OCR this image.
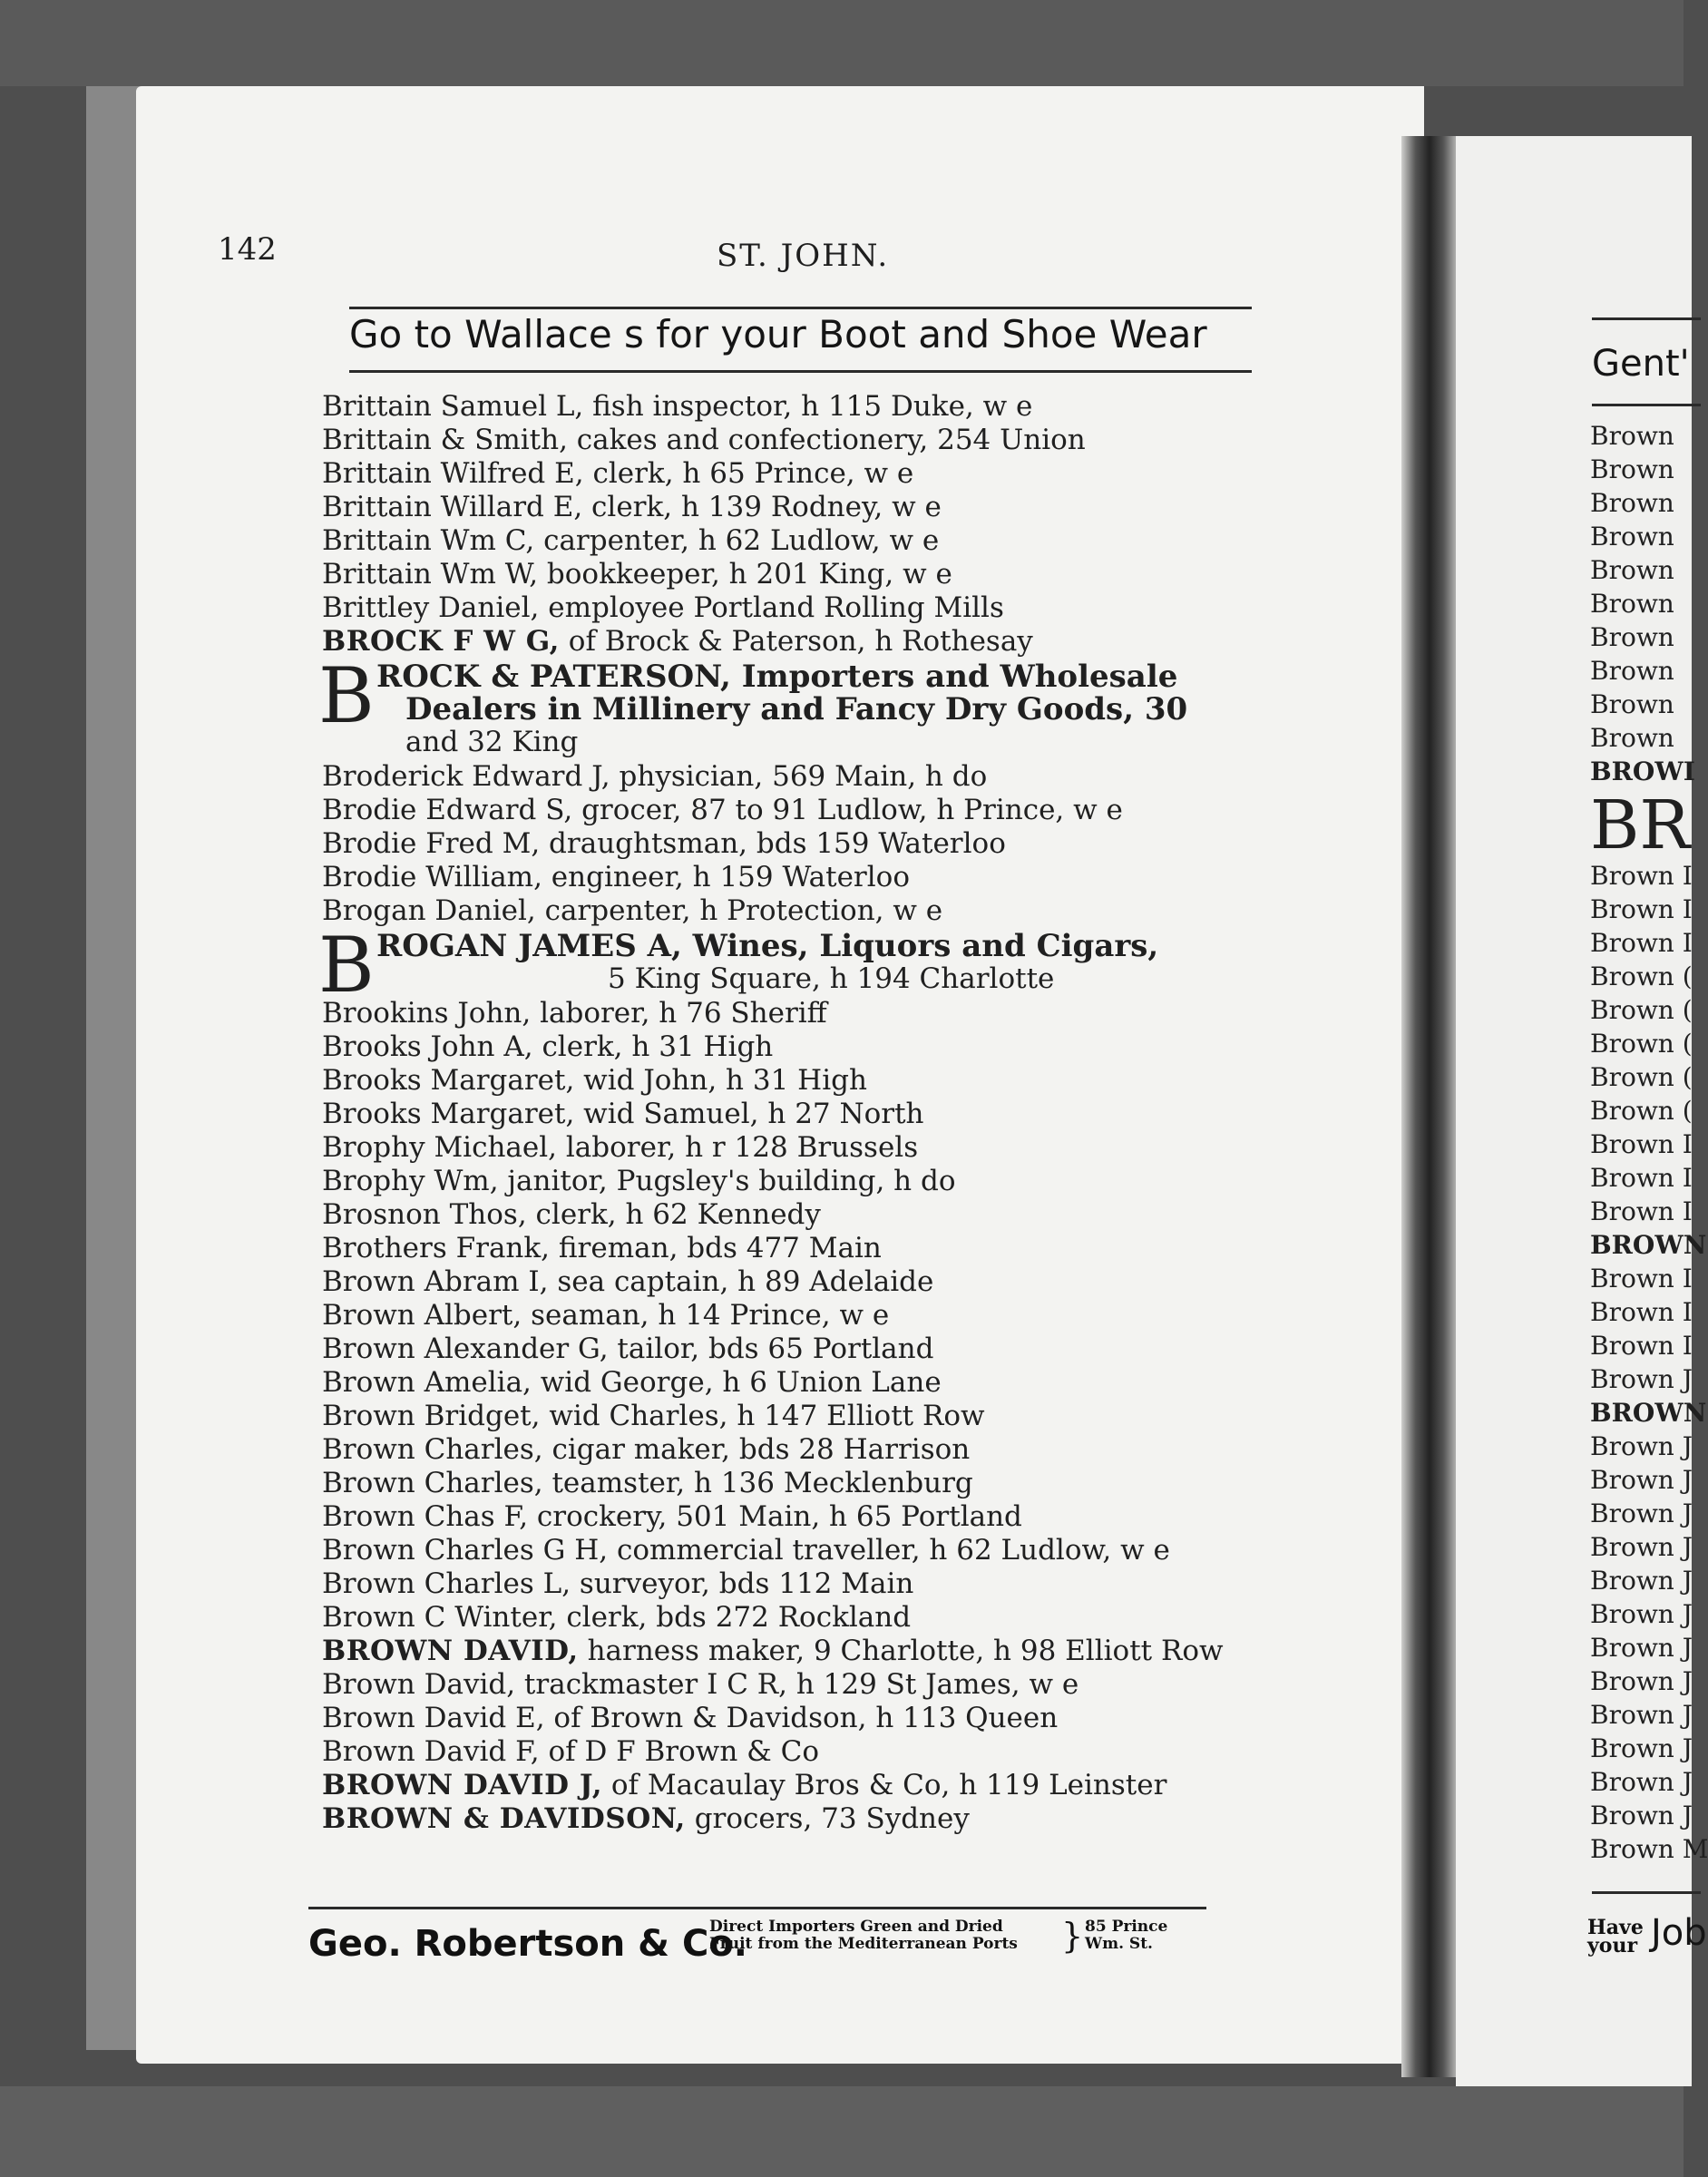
142	ST. JOHN.
Go to Wallace s for your Boot and Shoe Wear
Brittain Samuel L, fish inspector, h 115 Duke, w e
Brittain & Smith, cakes and confectionery, 254 Union
Brittain Wilfred E, clerk, h 65 Prince, w e
Brittain Willard E, clerk, h 139 Rodney, w e
Brittain Wm C, carpenter, h 62 Ludlow, w e
Brittain Wm W, bookkeeper, h 201 King, w e
Brittley Daniel, employee Portland Rolling Mills
BROCK F W G, of Brock & Paterson, h Rothesay
B ROCK & PATERSON, Importers and Wholesale
Dealers in Millinery and Fancy Dry Goods, 30
and 32 King
Broderick Edward J, physician, 569 Main, h do
Brodie Edward S, grocer, 87 to 91 Ludlow, h Prince, w e
Brodie Fred M, draughtsman, bds 159 Waterloo
Brodie William, engineer, h 159 Waterloo
Brogan Daniel, carpenter, h Protection, w e
B ROGAN JAMES A, Wines, Liquors and Cigars,
5 King Square, h 194 Charlotte
Brookins John, laborer, h 76 Sheriff
Brooks John A, clerk, h 31 High
Brooks Margaret, wid John, h 31 High
Brooks Margaret, wid Samuel, h 27 North
Brophy Michael, laborer, h r 128 Brussels
Brophy Wm, janitor, Pugsley's building, h do
Brosnon Thos, clerk, h 62 Kennedy
Brothers Frank, fireman, bds 477 Main
Brown Abram I, sea captain, h 89 Adelaide
Brown Albert, seaman, h 14 Prince, w e
Brown Alexander G, tailor, bds 65 Portland
Brown Amelia, wid George, h 6 Union Lane
Brown Bridget, wid Charles, h 147 Elliott Row
Brown Charles, cigar maker, bds 28 Harrison
Brown Charles, teamster, h 136 Mecklenburg
Brown Chas F, crockery, 501 Main, h 65 Portland
Brown Charles G H, commercial traveller, h 62 Ludlow, w e
Brown Charles L, surveyor, bds 112 Main
Brown C Winter, clerk, bds 272 Rockland
BROWN DAVID, harness maker, 9 Charlotte, h 98 Elliott Row
Brown David, trackmaster I C R, h 129 St James, w e
Brown David E, of Brown & Davidson, h 113 Queen
Brown David F, of D F Brown & Co
BROWN DAVID J, of Macaulay Bros & Co, h 119 Leinster
BROWN & DAVIDSON, grocers, 73 Sydney
Geo. Robertson & Co.
Direct Importers Green and Dried
Fruit from the Mediterranean Ports } 85 Prince
Wm. St.
Gent'
Brown
Brown
Brown
Brown
Brown
Brown
Brown
Brown
Brown
Brown
BROWI
BR
Brown I
Brown I
Brown I
Brown (
Brown (
Brown (
Brown (
Brown (
Brown I
Brown I
Brown I
BROWN
Brown I
Brown I
Brown I
Brown J
BROWN
Brown J
Brown J
Brown J
Brown J
Brown J
Brown J
Brown J
Brown J
Brown J
Brown J
Brown J
Brown J
Brown M
Have
your Job
